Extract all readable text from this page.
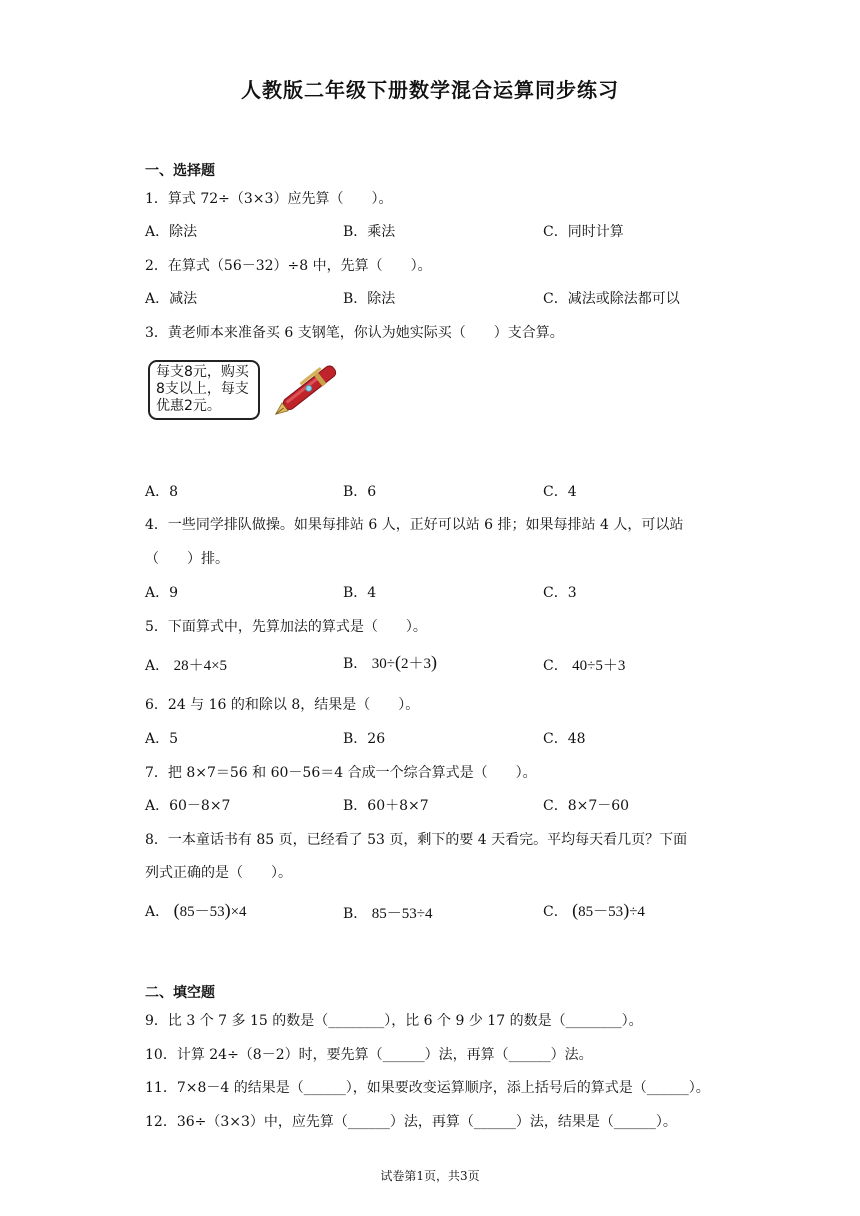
人教版二年级下册数学混合运算同步练习
一、选择题
1．算式 72÷（3×3）应先算（　　）。
A．除法	B．乘法	C．同时计算
2．在算式（56－32）÷8 中，先算（　　）。
A．减法	B．除法	C．减法或除法都可以
3．黄老师本来准备买 6 支钢笔，你认为她实际买（　　）支合算。
每支8元，购买
8支以上，每支
优惠2元。
A．8	B．6	C．4
4．一些同学排队做操。如果每排站 6 人，正好可以站 6 排；如果每排站 4 人，可以站
（　　）排。
A．9	B．4	C．3
5．下面算式中，先算加法的算式是（　　）。
A． 28＋4×5	B． 30÷(2＋3)	C． 40÷5＋3
6．24 与 16 的和除以 8，结果是（　　）。
A．5	B．26	C．48
7．把 8×7＝56 和 60－56＝4 合成一个综合算式是（　　）。
A．60－8×7	B．60＋8×7	C．8×7－60
8．一本童话书有 85 页，已经看了 53 页，剩下的要 4 天看完。平均每天看几页？下面
列式正确的是（　　）。
A． (85－53)×4	B． 85－53÷4	C． (85－53)÷4
二、填空题
9．比 3 个 7 多 15 的数是（________），比 6 个 9 少 17 的数是（________）。
10．计算 24÷（8－2）时，要先算（______）法，再算（______）法。
11．7×8－4 的结果是（______），如果要改变运算顺序，添上括号后的算式是（______）。
12．36÷（3×3）中，应先算（______）法，再算（______）法，结果是（______）。
试卷第1页，共3页
